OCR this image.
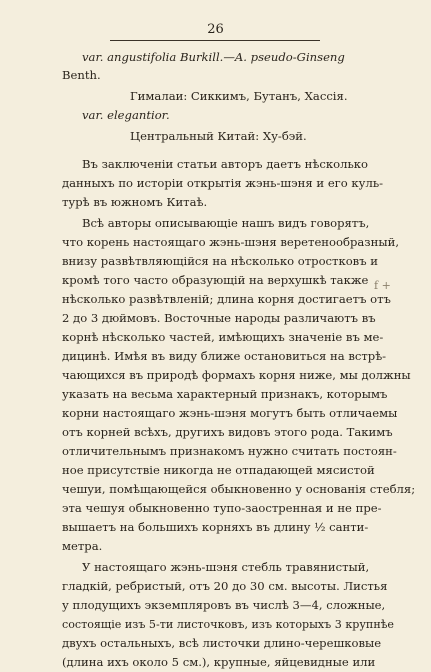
26
var. angustifolia Burkill.—A. pseudo-Ginseng
Benth.
Гималаи: Сиккимъ, Бутанъ, Хассія.
var. elegantior.
Центральный Китай: Ху-бэй.
Въ заключеніи статьи авторъ даетъ нѣсколько
данныхъ по исторіи открытія жэнь-шэня и его куль-
турѣ въ южномъ Китаѣ.
Всѣ авторы описывающіе нашъ видъ говорятъ,
что корень настоящаго жэнь-шэня веретенообразный,
внизу развѣтвляющійся на нѣсколько отростковъ и
кромѣ того часто образующій на верхушкѣ также
нѣсколько развѣтвленій; длина корня достигаетъ отъ
2 до 3 дюймовъ. Восточные народы различаютъ въ
корнѣ нѣсколько частей, имѣющихъ значеніе въ ме-
дицинѣ. Имѣя въ виду ближе остановиться на встрѣ-
чающихся въ природѣ формахъ корня ниже, мы должны
указать на весьма характерный признакъ, которымъ
корни настоящаго жэнь-шэня могутъ быть отличаемы
отъ корней всѣхъ, другихъ видовъ этого рода. Такимъ
отличительнымъ признакомъ нужно считать постоян-
ное присутствіе никогда не отпадающей мясистой
чешуи, помѣщающейся обыкновенно у основанія стебля;
эта чешуя обыкновенно тупо-заостренная и не пре-
вышаетъ на большихъ корняхъ въ длину ½ санти-
метра.
У настоящаго жэнь-шэня стебль травянистый,
гладкій, ребристый, отъ 20 до 30 см. высоты. Листья
у плодущихъ экземпляровъ въ числѣ 3—4, сложные,
состоящіе изъ 5-ти листочковъ, изъ которыхъ 3 крупнѣе
двухъ остальныхъ, всѣ листочки длино-черешковые
(длина ихъ около 5 см.), крупные, яйцевидные или
f +
